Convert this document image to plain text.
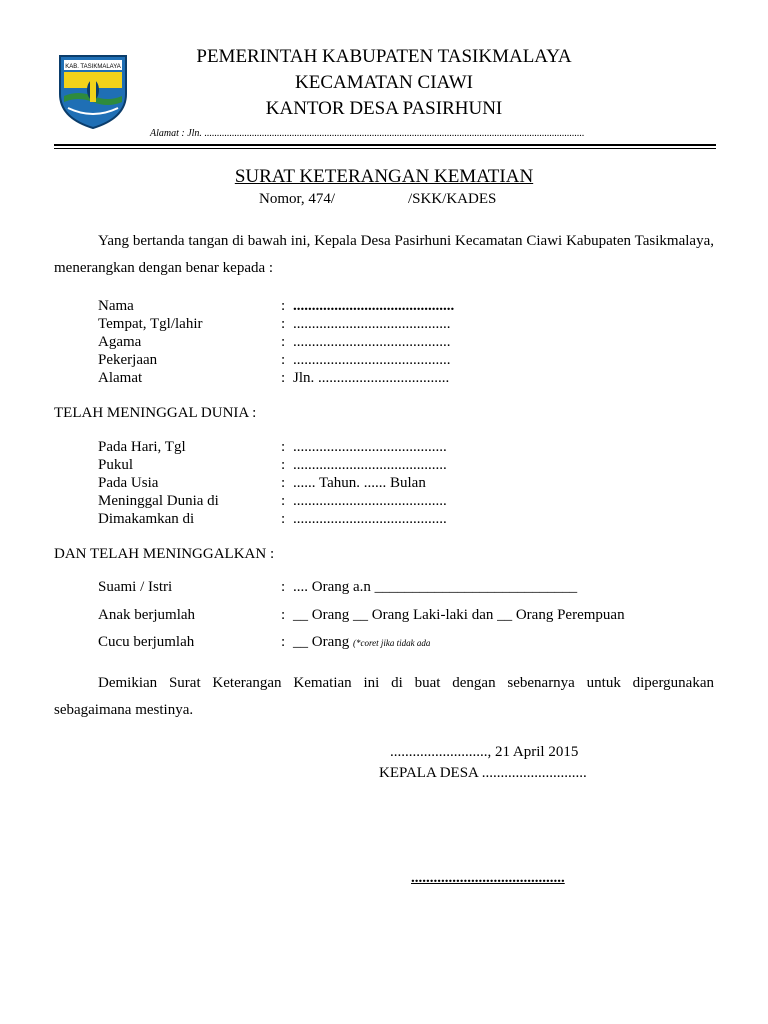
KAB. TASIKMALAYA	PEMERINTAH KABUPATEN TASIKMALAYA
KECAMATAN CIAWI
KANTOR DESA PASIRHUNI
Alamat : Jln. ........................................................................................................................................................
SURAT KETERANGAN KEMATIAN
Nomor, 474/	/SKK/KADES
Yang bertanda tangan di bawah ini, Kepala Desa Pasirhuni Kecamatan Ciawi Kabupaten Tasikmalaya, menerangkan dengan benar kepada :
Nama	: ...........................................
Tempat, Tgl/lahir	: ..........................................
Agama	: ..........................................
Pekerjaan	: ..........................................
Alamat	: Jln. ...................................
TELAH MENINGGAL DUNIA :
Pada Hari, Tgl	: .........................................
Pukul	: .........................................
Pada Usia	: ...... Tahun. ...... Bulan
Meninggal Dunia di	: .........................................
Dimakamkan di	: .........................................
DAN TELAH MENINGGALKAN :
Suami / Istri	: .... Orang a.n ___________________________
Anak berjumlah	: __ Orang __ Orang Laki-laki dan __ Orang Perempuan
Cucu berjumlah	: __ Orang (*coret jika tidak ada
Demikian Surat Keterangan Kematian ini di buat dengan sebenarnya untuk dipergunakan sebagaimana mestinya.
.........................., 21 April 2015
KEPALA DESA ............................
.........................................
